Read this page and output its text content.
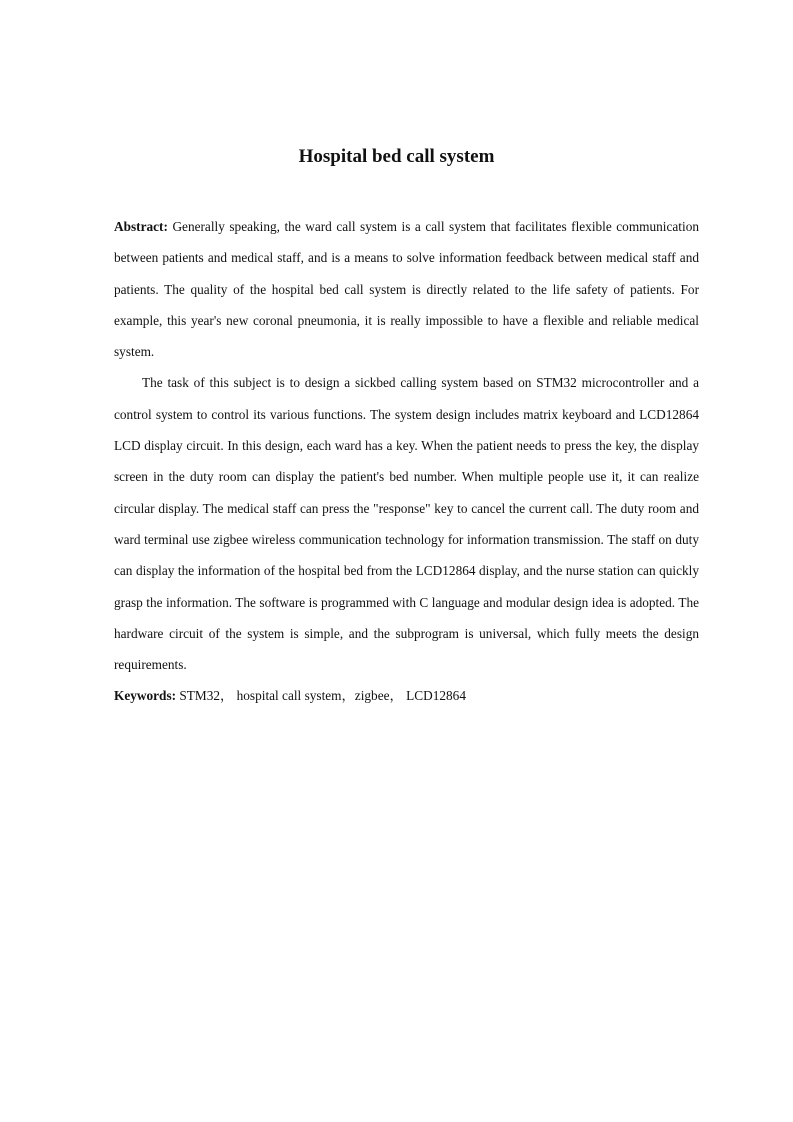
Hospital bed call system

Abstract: Generally speaking, the ward call system is a call system that facilitates flexible communication between patients and medical staff, and is a means to solve information feedback between medical staff and patients. The quality of the hospital bed call system is directly related to the life safety of patients. For example, this year's new coronal pneumonia, it is really impossible to have a flexible and reliable medical system.

The task of this subject is to design a sickbed calling system based on STM32 microcontroller and a control system to control its various functions. The system design includes matrix keyboard and LCD12864 LCD display circuit. In this design, each ward has a key. When the patient needs to press the key, the display screen in the duty room can display the patient's bed number. When multiple people use it, it can realize circular display. The medical staff can press the "response" key to cancel the current call. The duty room and ward terminal use zigbee wireless communication technology for information transmission. The staff on duty can display the information of the hospital bed from the LCD12864 display, and the nurse station can quickly grasp the information. The software is programmed with C language and modular design idea is adopted. The hardware circuit of the system is simple, and the subprogram is universal, which fully meets the design requirements.

Keywords: STM32， hospital call system，zigbee， LCD12864
